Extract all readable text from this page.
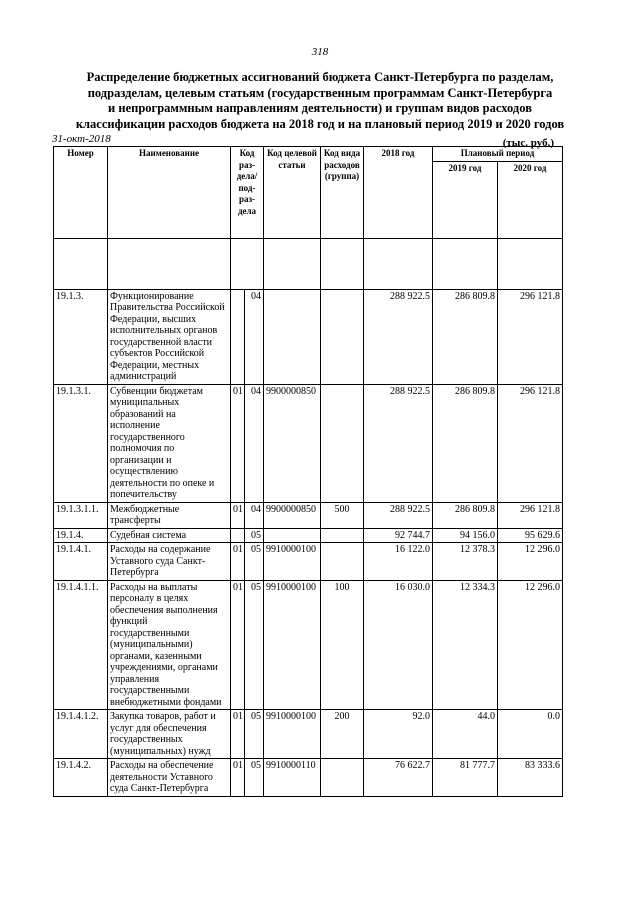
318
Распределение бюджетных ассигнований бюджета Санкт-Петербурга по разделам,
подразделам, целевым статьям (государственным программам Санкт-Петербурга
и непрограммным направлениям деятельности) и группам видов расходов
классификации расходов бюджета на 2018 год и на плановый период 2019 и 2020 годов
31-окт-2018	(тыс. руб.)
Номер	Наименование	Код раз- дела/ под- раз- дела		Код целевой статьи	Код вида расходов (группа)	2018 год	Плановый период	
							2019 год	2020 год

19.1.3.	Функционирование Правительства Российской Федерации, высших исполнительных органов государственной власти субъектов Российской Федерации, местных администраций		04			288 922.5	286 809.8	296 121.8
19.1.3.1.	Субвенции бюджетам муниципальных образований на исполнение государственного полномочия по организации и осуществлению деятельности по опеке и попечительству	01	04	9900000850		288 922.5	286 809.8	296 121.8
19.1.3.1.1.	Межбюджетные трансферты	01	04	9900000850	500	288 922.5	286 809.8	296 121.8
19.1.4.	Судебная система		05			92 744.7	94 156.0	95 629.6
19.1.4.1.	Расходы на содержание Уставного суда Санкт-Петербурга	01	05	9910000100		16 122.0	12 378.3	12 296.0
19.1.4.1.1.	Расходы на выплаты персоналу в целях обеспечения выполнения функций государственными (муниципальными) органами, казенными учреждениями, органами управления государственными внебюджетными фондами	01	05	9910000100	100	16 030.0	12 334.3	12 296.0
19.1.4.1.2.	Закупка товаров, работ и услуг для обеспечения государственных (муниципальных) нужд	01	05	9910000100	200	92.0	44.0	0.0
19.1.4.2.	Расходы на обеспечение деятельности Уставного суда Санкт-Петербурга	01	05	9910000110		76 622.7	81 777.7	83 333.6
